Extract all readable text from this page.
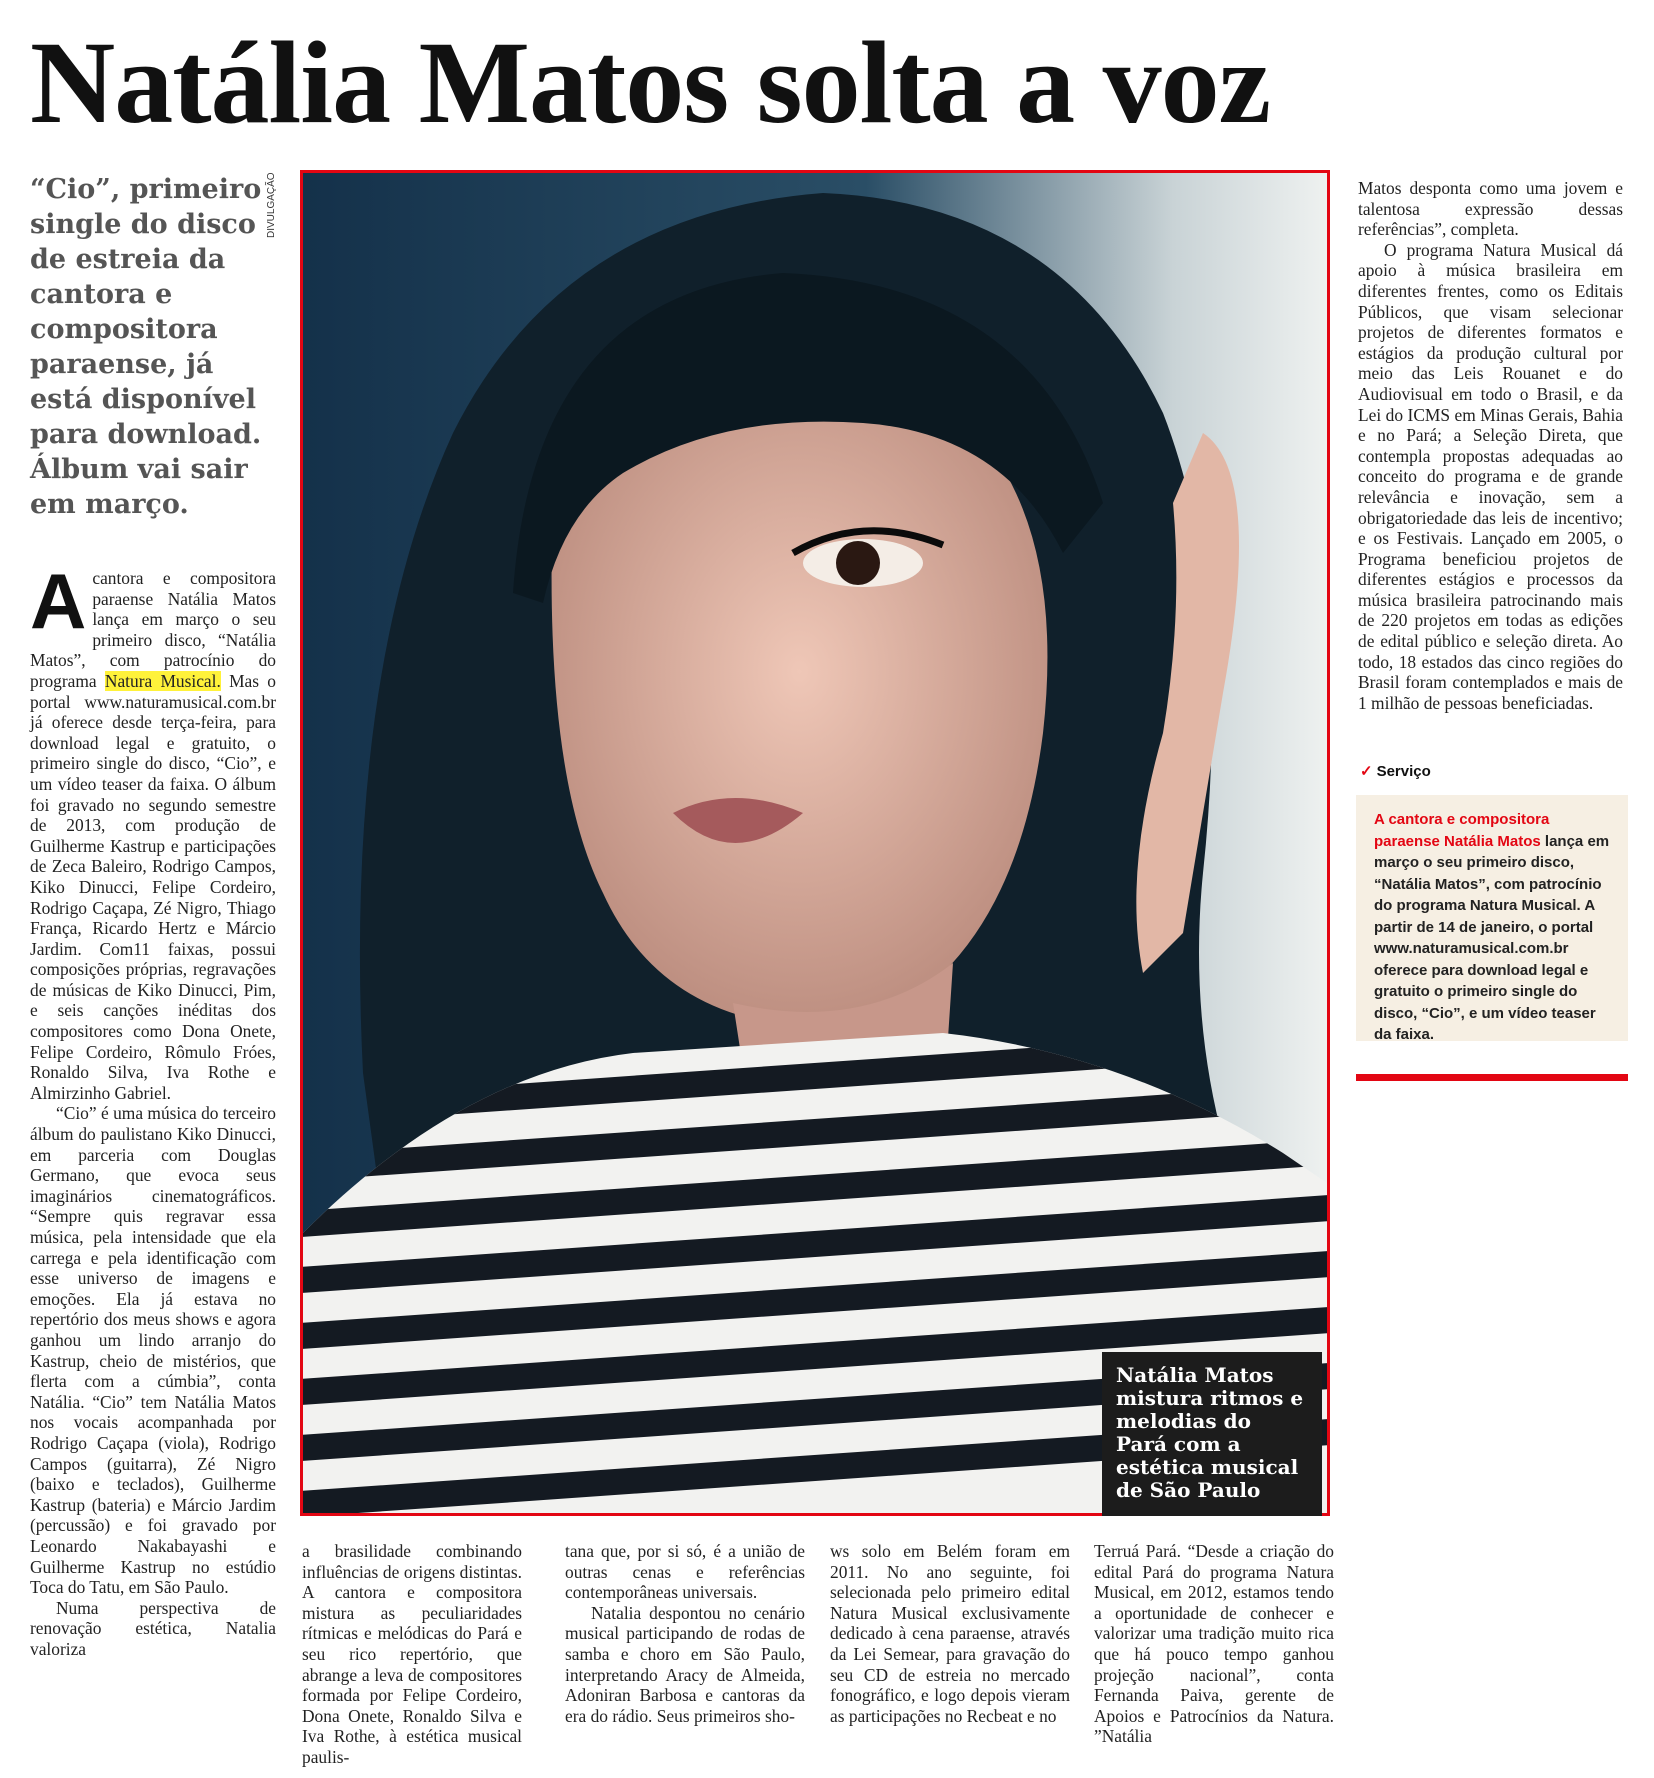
Natália Matos solta a voz
“Cio”, primeiro single do disco de estreia da cantora e compositora paraense, já está disponível para download. Álbum vai sair em março.
DIVULGAÇÃO

Acantora e compositora paraense Natália Matos lança em março o seu primeiro disco, “Natália Matos”, com patrocínio do programa Natura Musical. Mas o portal www.naturamusical.com.br já oferece desde terça-feira, para download legal e gratuito, o primeiro single do disco, “Cio”, e um vídeo teaser da faixa. O álbum foi gravado no segundo semestre de 2013, com produção de Guilherme Kastrup e participações de Zeca Baleiro, Rodrigo Campos, Kiko Dinucci, Felipe Cordeiro, Rodrigo Caçapa, Zé Nigro, Thiago França, Ricardo Hertz e Márcio Jardim. Com11 faixas, possui composições próprias, regravações de músicas de Kiko Dinucci, Pim, e seis canções inéditas dos compositores como Dona Onete, Felipe Cordeiro, Rômulo Fróes, Ronaldo Silva, Iva Rothe e Almirzinho Gabriel.

“Cio” é uma música do terceiro álbum do paulistano Kiko Dinucci, em parceria com Douglas Germano, que evoca seus imaginários cinematográficos. “Sempre quis regravar essa música, pela intensidade que ela carrega e pela identificação com esse universo de imagens e emoções. Ela já estava no repertório dos meus shows e agora ganhou um lindo arranjo do Kastrup, cheio de mistérios, que flerta com a cúmbia”, conta Natália. “Cio” tem Natália Matos nos vocais acompanhada por Rodrigo Caçapa (viola), Rodrigo Campos (guitarra), Zé Nigro (baixo e teclados), Guilherme Kastrup (bateria) e Márcio Jardim (percussão) e foi gravado por Leonardo Nakabayashi e Guilherme Kastrup no estúdio Toca do Tatu, em São Paulo.

Numa perspectiva de renovação estética, Natalia valoriza

Natália Matos mistura ritmos e melodias do Pará com a estética musical de São Paulo

a brasilidade combinando influências de origens distintas. A cantora e compositora mistura as peculiaridades rítmicas e melódicas do Pará e seu rico repertório, que abrange a leva de compositores formada por Felipe Cordeiro, Dona Onete, Ronaldo Silva e Iva Rothe, à estética musical paulis-

tana que, por si só, é a união de outras cenas e referências contemporâneas universais.

Natalia despontou no cenário musical participando de rodas de samba e choro em São Paulo, interpretando Aracy de Almeida, Adoniran Barbosa e cantoras da era do rádio. Seus primeiros sho-

ws solo em Belém foram em 2011. No ano seguinte, foi selecionada pelo primeiro edital Natura Musical exclusivamente dedicado à cena paraense, através da Lei Semear, para gravação do seu CD de estreia no mercado fonográfico, e logo depois vieram as participações no Recbeat e no

Terruá Pará. “Desde a criação do edital Pará do programa Natura Musical, em 2012, estamos tendo a oportunidade de conhecer e valorizar uma tradição muito rica que há pouco tempo ganhou projeção nacional”, conta Fernanda Paiva, gerente de Apoios e Patrocínios da Natura. ”Natália

Matos desponta como uma jovem e talentosa expressão dessas referências”, completa.

O programa Natura Musical dá apoio à música brasileira em diferentes frentes, como os Editais Públicos, que visam selecionar projetos de diferentes formatos e estágios da produção cultural por meio das Leis Rouanet e do Audiovisual em todo o Brasil, e da Lei do ICMS em Minas Gerais, Bahia e no Pará; a Seleção Direta, que contempla propostas adequadas ao conceito do programa e de grande relevância e inovação, sem a obrigatoriedade das leis de incentivo; e os Festivais. Lançado em 2005, o Programa beneficiou projetos de diferentes estágios e processos da música brasileira patrocinando mais de 220 projetos em todas as edições de edital público e seleção direta. Ao todo, 18 estados das cinco regiões do Brasil foram contemplados e mais de 1 milhão de pessoas beneficiadas.

✓ Serviço
A cantora e compositora paraense Natália Matos lança em março o seu primeiro disco, “Natália Matos”, com patrocínio do programa Natura Musical. A partir de 14 de janeiro, o portal www.naturamusical.com.br oferece para download legal e gratuito o primeiro single do disco, “Cio”, e um vídeo teaser da faixa.
